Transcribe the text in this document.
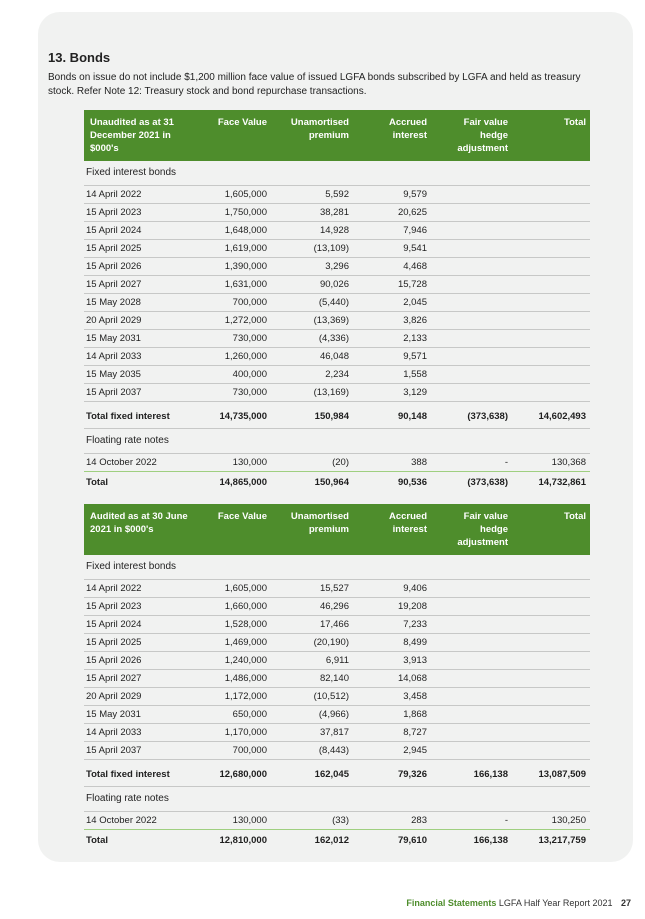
13. Bonds
Bonds on issue do not include $1,200 million face value of issued LGFA bonds subscribed by LGFA and held as treasury stock. Refer Note 12: Treasury stock and bond repurchase transactions.
Unaudited as at 31 December 2021 in $000's	Face Value	Unamortised premium	Accrued interest	Fair value hedge adjustment	Total
Fixed interest bonds					
14 April 2022	1,605,000	5,592	9,579		
15 April 2023	1,750,000	38,281	20,625		
15 April 2024	1,648,000	14,928	7,946		
15 April 2025	1,619,000	(13,109)	9,541		
15 April 2026	1,390,000	3,296	4,468		
15 April 2027	1,631,000	90,026	15,728		
15 May 2028	700,000	(5,440)	2,045		
20 April 2029	1,272,000	(13,369)	3,826		
15 May 2031	730,000	(4,336)	2,133		
14 April 2033	1,260,000	46,048	9,571		
15 May 2035	400,000	2,234	1,558		
15 April 2037	730,000	(13,169)	3,129		
Total fixed interest	14,735,000	150,984	90,148	(373,638)	14,602,493
Floating rate notes					
14 October 2022	130,000	(20)	388	-	130,368
Total	14,865,000	150,964	90,536	(373,638)	14,732,861
Audited as at 30 June 2021 in $000's	Face Value	Unamortised premium	Accrued interest	Fair value hedge adjustment	Total
Fixed interest bonds					
14 April 2022	1,605,000	15,527	9,406		
15 April 2023	1,660,000	46,296	19,208		
15 April 2024	1,528,000	17,466	7,233		
15 April 2025	1,469,000	(20,190)	8,499		
15 April 2026	1,240,000	6,911	3,913		
15 April 2027	1,486,000	82,140	14,068		
20 April 2029	1,172,000	(10,512)	3,458		
15 May 2031	650,000	(4,966)	1,868		
14 April 2033	1,170,000	37,817	8,727		
15 April 2037	700,000	(8,443)	2,945		
Total fixed interest	12,680,000	162,045	79,326	166,138	13,087,509
Floating rate notes					
14 October 2022	130,000	(33)	283	-	130,250
Total	12,810,000	162,012	79,610	166,138	13,217,759
Financial Statements LGFA Half Year Report 2021 27
